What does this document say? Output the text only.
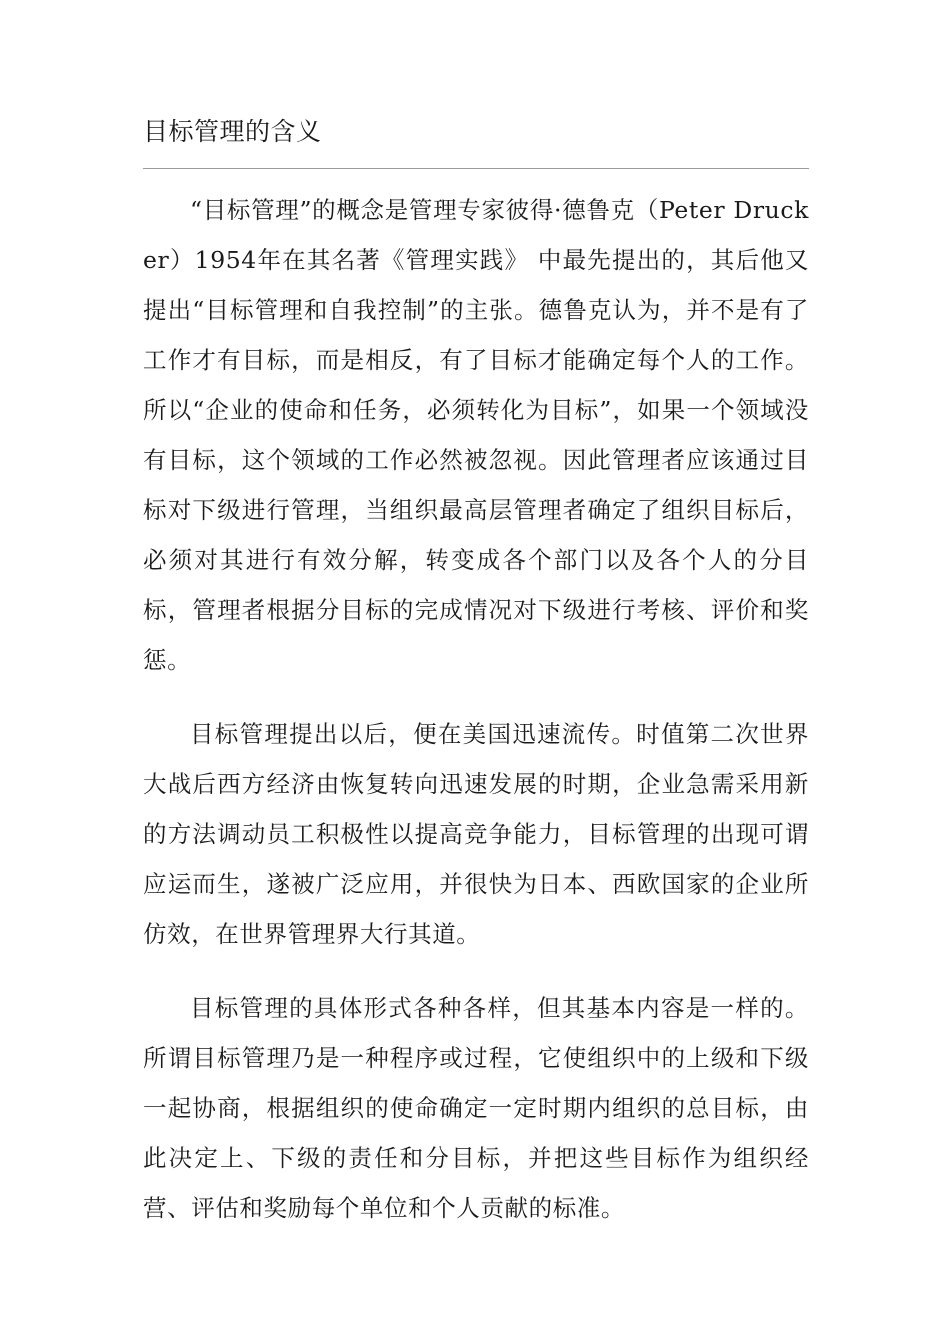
目标管理的含义

“目标管理”的概念是管理专家彼得·德鲁克（Peter Drucker）1954年在其名著《管理实践》 中最先提出的，其后他又提出“目标管理和自我控制”的主张。德鲁克认为，并不是有了工作才有目标，而是相反，有了目标才能确定每个人的工作。所以“企业的使命和任务，必须转化为目标”，如果一个领域没有目标，这个领域的工作必然被忽视。因此管理者应该通过目标对下级进行管理，当组织最高层管理者确定了组织目标后，必须对其进行有效分解，转变成各个部门以及各个人的分目标，管理者根据分目标的完成情况对下级进行考核、评价和奖惩。

目标管理提出以后，便在美国迅速流传。时值第二次世界大战后西方经济由恢复转向迅速发展的时期，企业急需采用新的方法调动员工积极性以提高竞争能力，目标管理的出现可谓应运而生，遂被广泛应用，并很快为日本、西欧国家的企业所仿效，在世界管理界大行其道。

目标管理的具体形式各种各样，但其基本内容是一样的。所谓目标管理乃是一种程序或过程，它使组织中的上级和下级一起协商，根据组织的使命确定一定时期内组织的总目标，由此决定上、下级的责任和分目标，并把这些目标作为组织经营、评估和奖励每个单位和个人贡献的标准。
